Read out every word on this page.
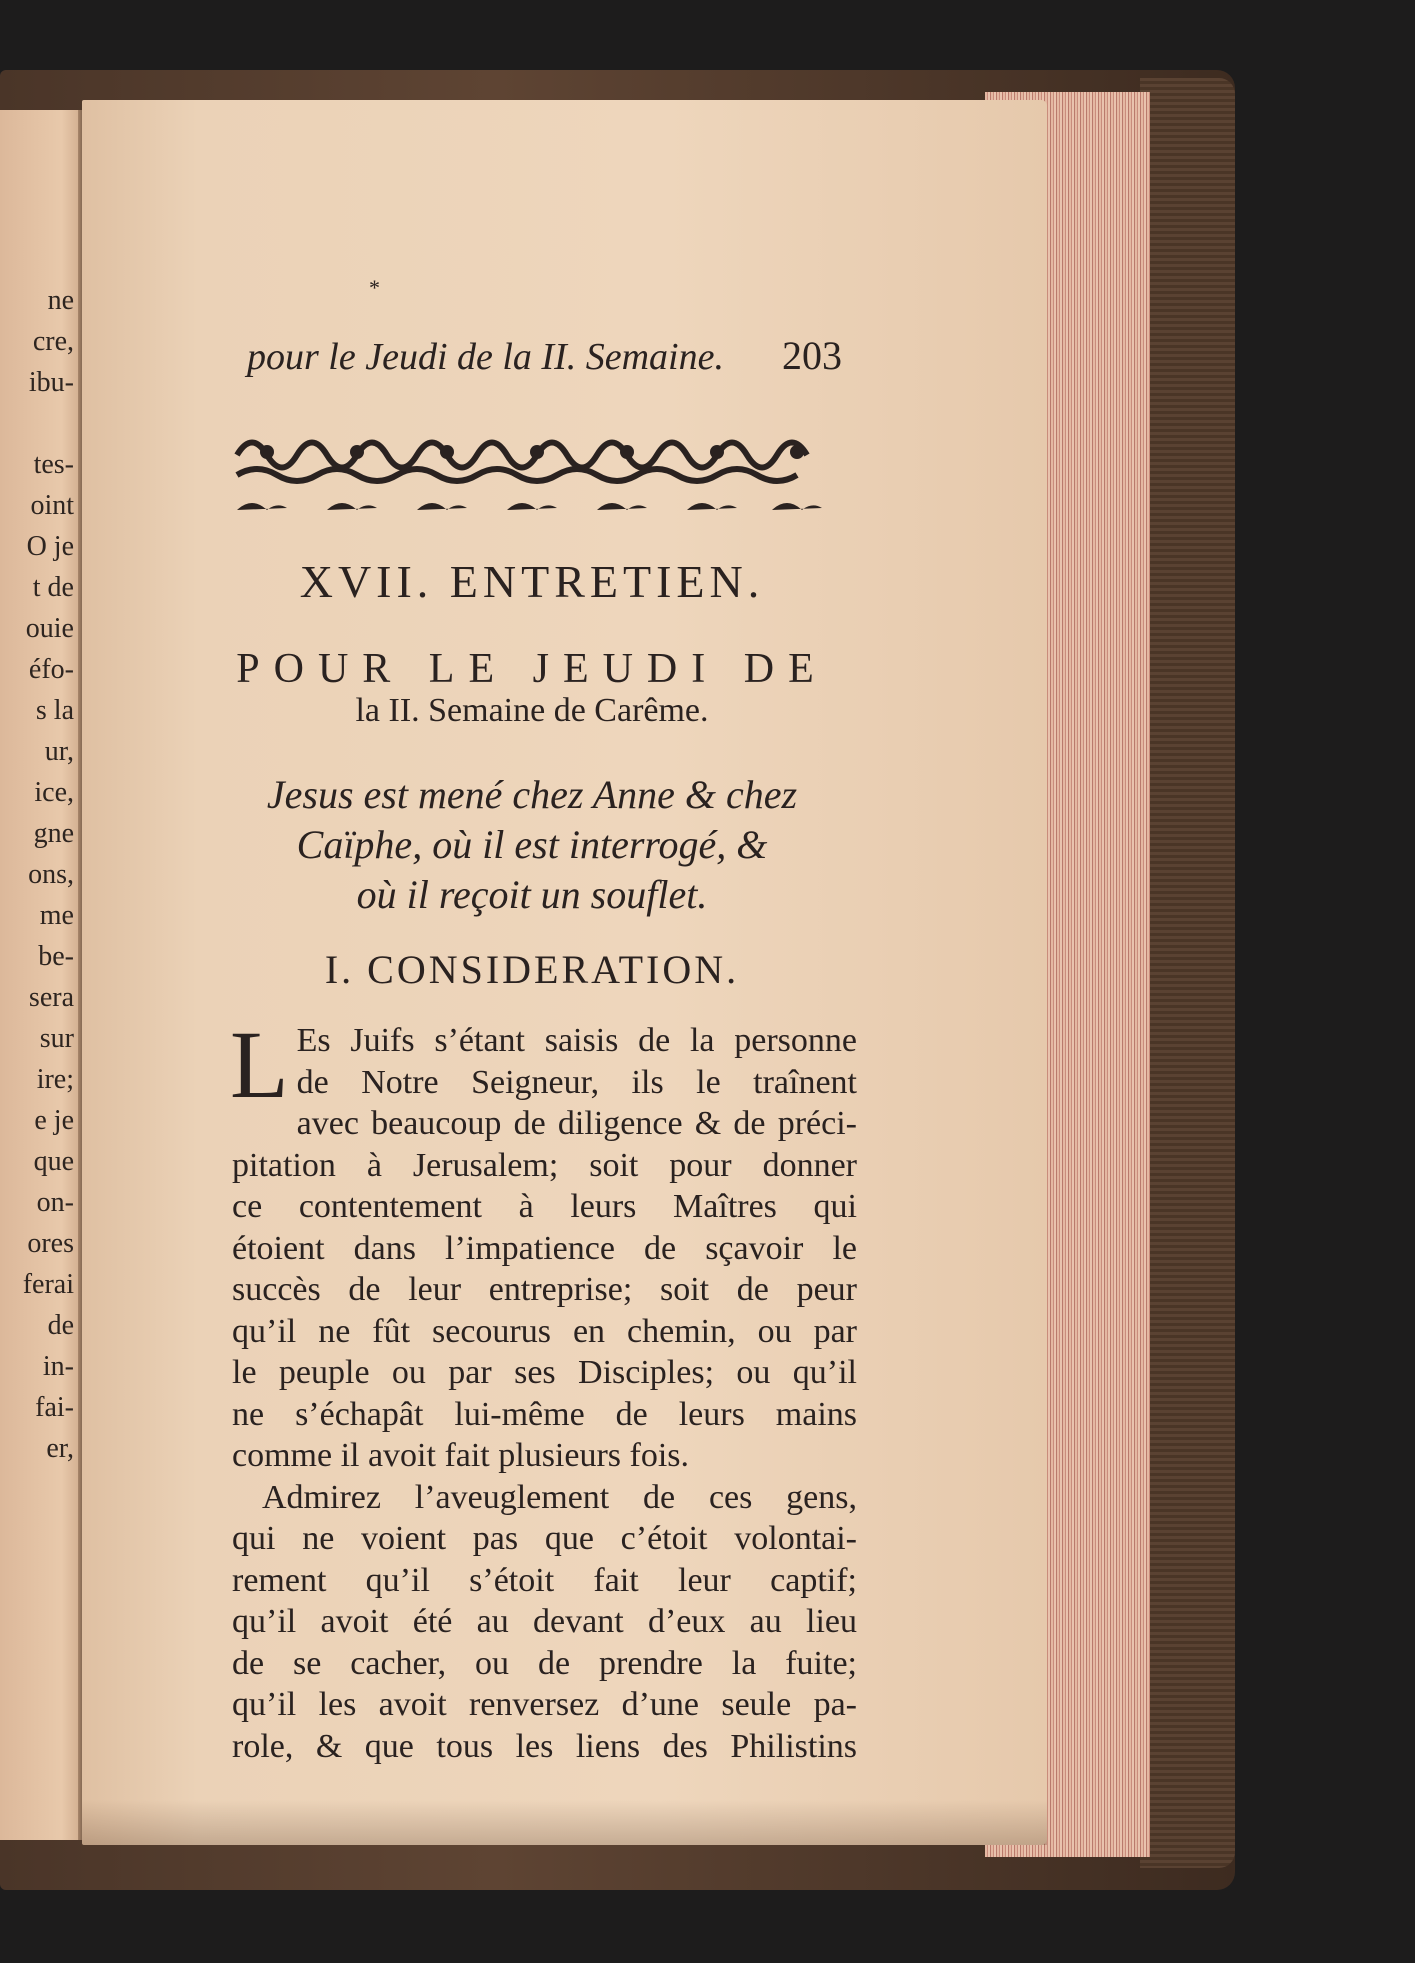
ne
cre,
ibu-

tes-
oint
O je
t de
ouie
éfo-
s la
ur,
ice,
gne
ons,
me
be-
sera
sur
ire;
e je
que
on-
ores
ferai
de
in-
fai-
er,
*
pour le Jeudi de la II. Semaine. 203
XVII. ENTRETIEN.
POUR LE JEUDI DE
la II. Semaine de Carême.
Jesus est mené chez Anne & chez
Caïphe, où il est interrogé, &
où il reçoit un souflet.
I. CONSIDERATION.
L Es Juifs s’étant saisis de la personne
de Notre Seigneur, ils le traînent
avec beaucoup de diligence & de préci-
pitation à Jerusalem; soit pour donner
ce contentement à leurs Maîtres qui
étoient dans l’impatience de sçavoir le
succès de leur entreprise; soit de peur
qu’il ne fût secourus en chemin, ou par
le peuple ou par ses Disciples; ou qu’il
ne s’échapât lui-même de leurs mains
comme il avoit fait plusieurs fois.
Admirez l’aveuglement de ces gens,
qui ne voient pas que c’étoit volontai-
rement qu’il s’étoit fait leur captif;
qu’il avoit été au devant d’eux au lieu
de se cacher, ou de prendre la fuite;
qu’il les avoit renversez d’une seule pa-
role, & que tous les liens des Philistins
